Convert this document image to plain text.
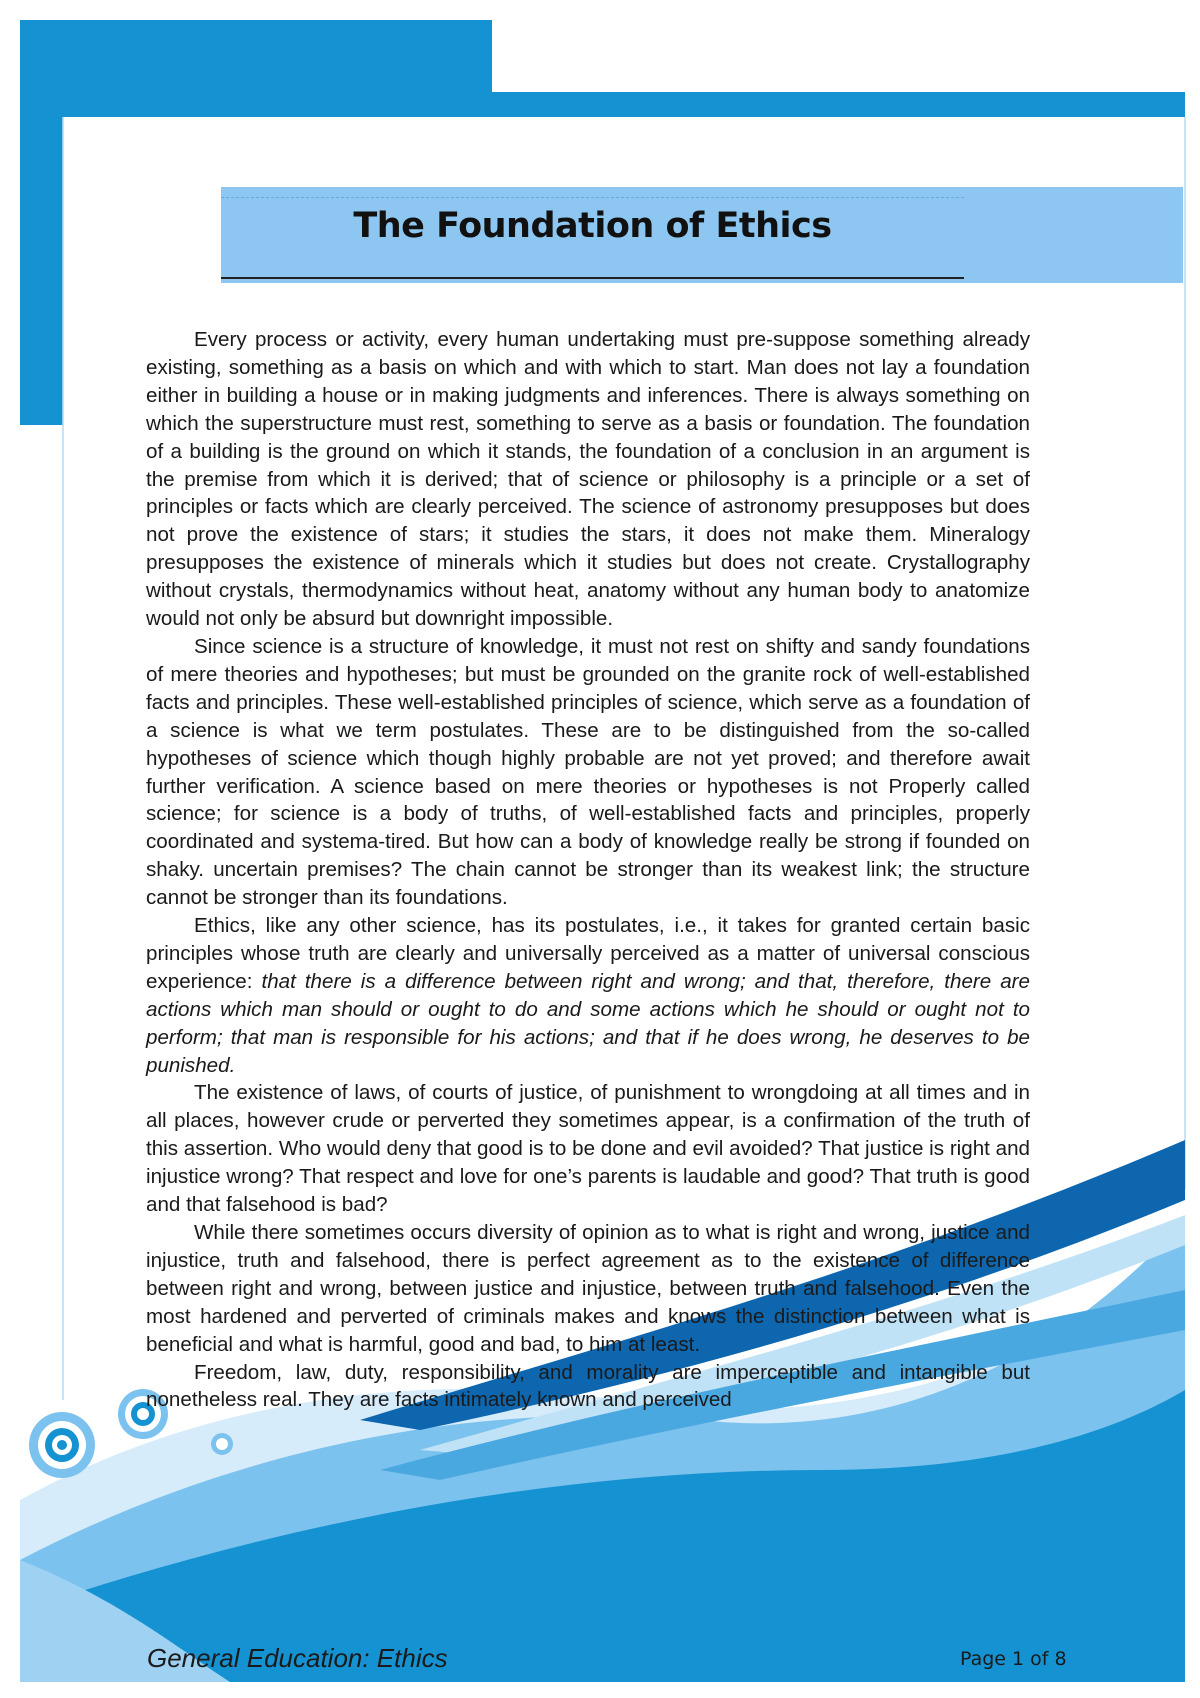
The Foundation of Ethics

Every process or activity, every human undertaking must pre-suppose something already existing, something as a basis on which and with which to start. Man does not lay a foundation either in building a house or in making judgments and inferences. There is always something on which the superstructure must rest, something to serve as a basis or foundation. The foundation of a building is the ground on which it stands, the foundation of a conclusion in an argument is the premise from which it is derived; that of science or philosophy is a principle or a set of principles or facts which are clearly perceived. The science of astronomy presupposes but does not prove the existence of stars; it studies the stars, it does not make them. Mineralogy presupposes the existence of minerals which it studies but does not create. Crystallography without crystals, thermodynamics without heat, anatomy without any human body to anatomize would not only be absurd but downright impossible.

Since science is a structure of knowledge, it must not rest on shifty and sandy foundations of mere theories and hypotheses; but must be grounded on the granite rock of well-established facts and principles. These well-established principles of science, which serve as a foundation of a science is what we term postulates. These are to be distinguished from the so-called hypotheses of science which though highly probable are not yet proved; and therefore await further verification. A science based on mere theories or hypotheses is not Properly called science; for science is a body of truths, of well-established facts and principles, properly coordinated and systema-tired. But how can a body of knowledge really be strong if founded on shaky. uncertain premises? The chain cannot be stronger than its weakest link; the structure cannot be stronger than its foundations.

Ethics, like any other science, has its postulates, i.e., it takes for granted certain basic principles whose truth are clearly and universally perceived as a matter of universal conscious experience: that there is a difference between right and wrong; and that, therefore, there are actions which man should or ought to do and some actions which he should or ought not to perform; that man is responsible for his actions; and that if he does wrong, he deserves to be punished.

The existence of laws, of courts of justice, of punishment to wrongdoing at all times and in all places, however crude or perverted they sometimes appear, is a confirmation of the truth of this assertion. Who would deny that good is to be done and evil avoided? That justice is right and injustice wrong? That respect and love for one’s parents is laudable and good? That truth is good and that falsehood is bad?

While there sometimes occurs diversity of opinion as to what is right and wrong, justice and injustice, truth and falsehood, there is perfect agreement as to the existence of difference between right and wrong, between justice and injustice, between truth and falsehood. Even the most hardened and perverted of criminals makes and knows the distinction between what is beneficial and what is harmful, good and bad, to him at least.

Freedom, law, duty, responsibility, and morality are imperceptible and intangible but nonetheless real. They are facts intimately known and perceived

General Education: Ethics	Page 1 of 8
